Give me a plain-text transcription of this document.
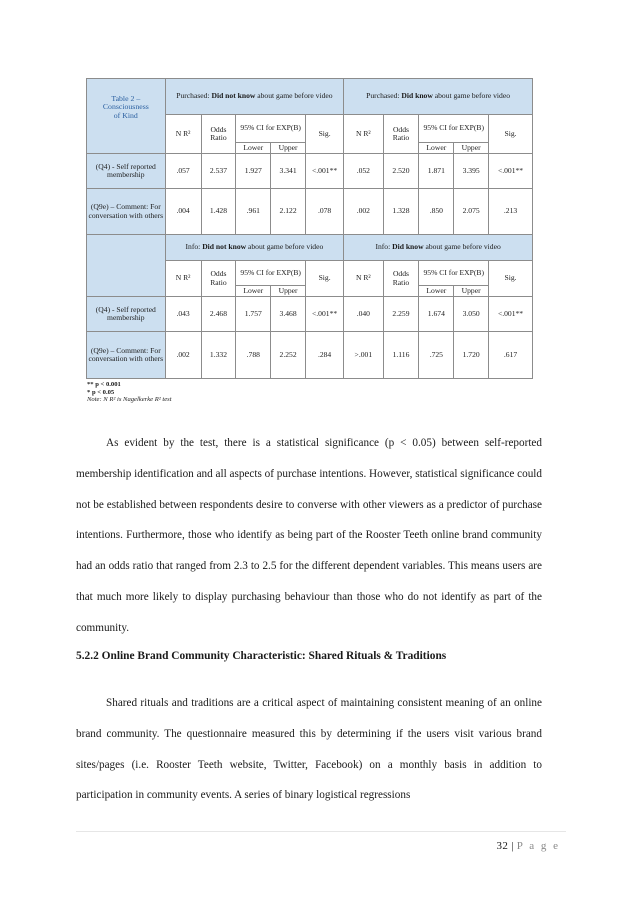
Table 2 –
Consciousness
of Kind	Purchased: Did not know about game before video					Purchased: Did know about game before video				
	N R²	Odds Ratio	95% CI for EXP(B)		Sig.	N R²	Odds Ratio	95% CI for EXP(B)		Sig.
			Lower	Upper				Lower	Upper	
(Q4) - Self reported membership	.057	2.537	1.927	3.341	<.001**	.052	2.520	1.871	3.395	<.001**
(Q9e) – Comment: For conversation with others	.004	1.428	.961	2.122	.078	.002	1.328	.850	2.075	.213
	Info: Did not know about game before video					Info: Did know about game before video				
	N R²	Odds Ratio	95% CI for EXP(B)		Sig.	N R²	Odds Ratio	95% CI for EXP(B)		Sig.
			Lower	Upper				Lower	Upper	
(Q4) - Self reported membership	.043	2.468	1.757	3.468	<.001**	.040	2.259	1.674	3.050	<.001**
(Q9e) – Comment: For conversation with others	.002	1.332	.788	2.252	.284	>.001	1.116	.725	1.720	.617
** p < 0.001
* p < 0.05
Note: N R² is Nagelkerke R² test

As evident by the test, there is a statistical significance (p < 0.05) between self-reported membership identification and all aspects of purchase intentions. However, statistical significance could not be established between respondents desire to converse with other viewers as a predictor of purchase intentions. Furthermore, those who identify as being part of the Rooster Teeth online brand community had an odds ratio that ranged from 2.3 to 2.5 for the different dependent variables. This means users are that much more likely to display purchasing behaviour than those who do not identify as part of the community.

5.2.2 Online Brand Community Characteristic: Shared Rituals & Traditions

Shared rituals and traditions are a critical aspect of maintaining consistent meaning of an online brand community. The questionnaire measured this by determining if the users visit various brand sites/pages (i.e. Rooster Teeth website, Twitter, Facebook) on a monthly basis in addition to participation in community events. A series of binary logistical regressions

32 | P a g e
